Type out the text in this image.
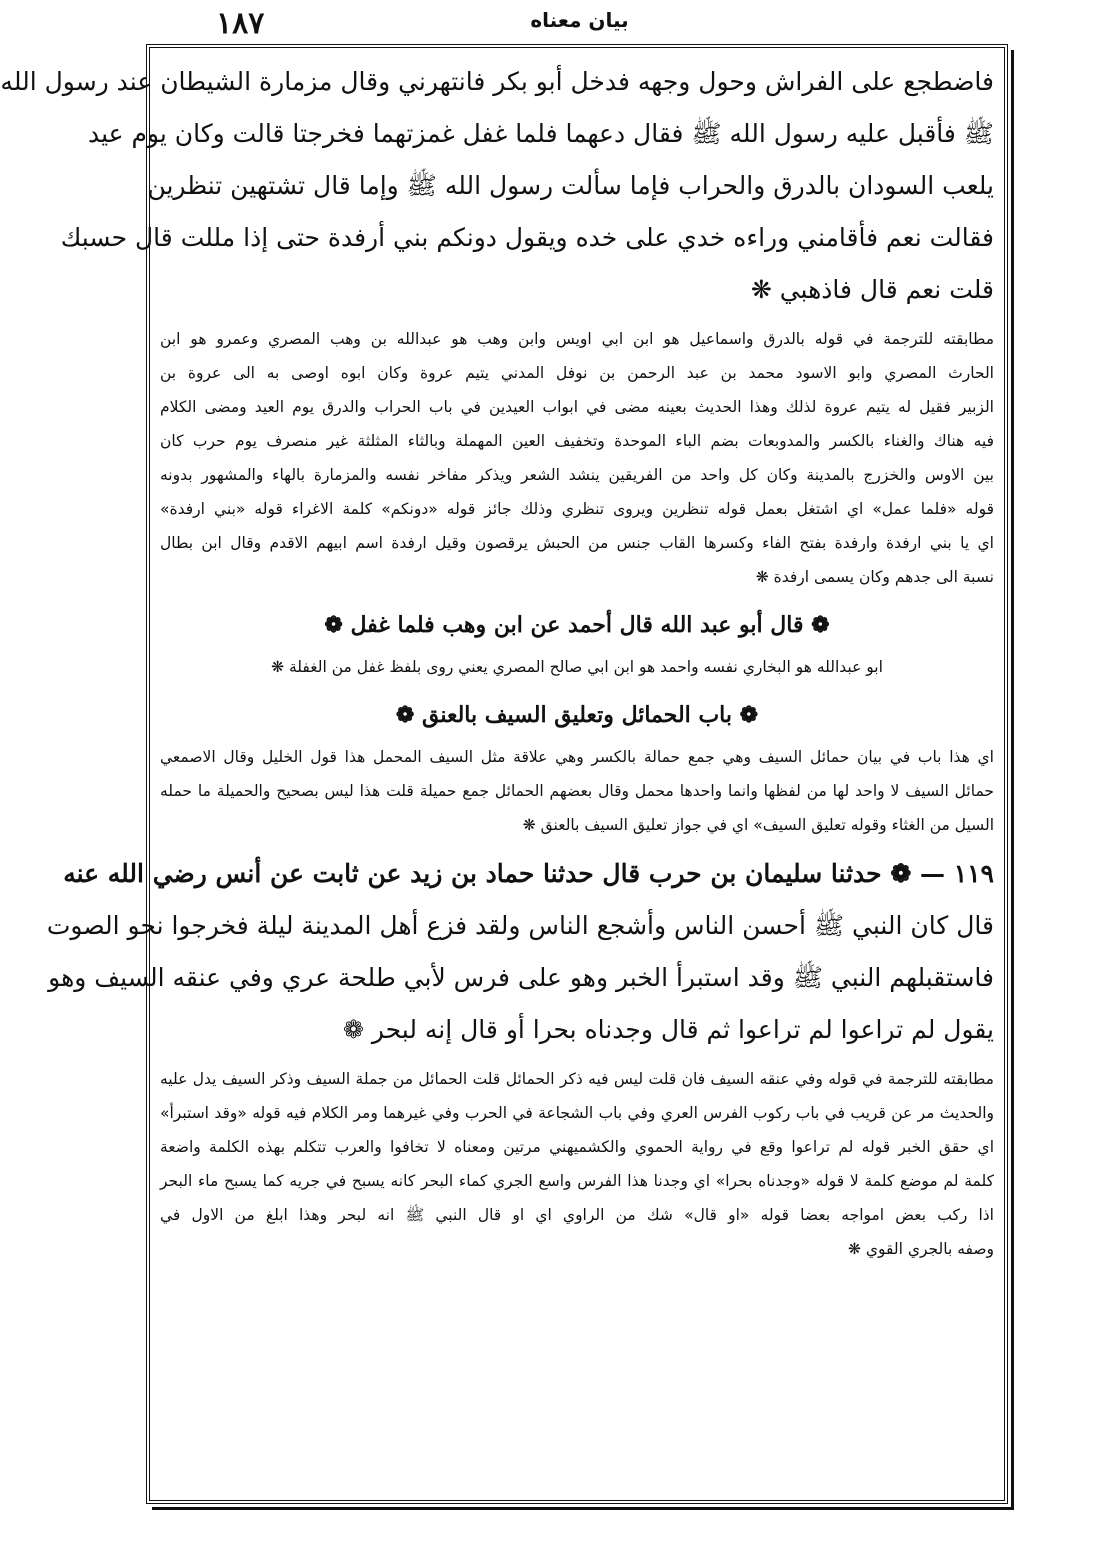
١٨٧	بيان معناه
فاضطجع على الفراش وحول وجهه فدخل أبو بكر فانتهرني وقال مزمارة الشيطان عند رسول الله
ﷺ فأقبل عليه رسول الله ﷺ فقال دعهما فلما غفل غمزتهما فخرجتا قالت وكان يوم عيد
يلعب السودان بالدرق والحراب فإما سألت رسول الله ﷺ وإما قال تشتهين تنظرين
فقالت نعم فأقامني وراءه خدي على خده ويقول دونكم بني أرفدة حتى إذا مللت قال حسبك
قلت نعم قال فاذهبي ❋
مطابقته للترجمة في قوله بالدرق واسماعيل هو ابن ابي اويس وابن وهب هو عبدالله بن وهب المصري وعمرو هو ابن
الحارث المصري وابو الاسود محمد بن عبد الرحمن بن نوفل المدني يتيم عروة وكان ابوه اوصى به الى عروة بن
الزبير فقيل له يتيم عروة لذلك وهذا الحديث بعينه مضى في ابواب العيدين في باب الحراب والدرق يوم العيد ومضى الكلام
فيه هناك والغناء بالكسر والمدوبعات بضم الباء الموحدة وتخفيف العين المهملة وبالثاء المثلثة غير منصرف يوم حرب كان
بين الاوس والخزرج بالمدينة وكان كل واحد من الفريقين ينشد الشعر ويذكر مفاخر نفسه والمزمارة بالهاء والمشهور بدونه
قوله «فلما عمل» اي اشتغل بعمل قوله تنظرين ويروى تنظري وذلك جائز قوله «دونكم» كلمة الاغراء قوله «بني ارفدة»
اي يا بني ارفدة وارفدة بفتح الفاء وكسرها القاب جنس من الحبش يرقصون وقيل ارفدة اسم ابيهم الاقدم وقال ابن بطال
نسبة الى جدهم وكان يسمى ارفدة ❋
❁ قال أبو عبد الله قال أحمد عن ابن وهب فلما غفل ❁
ابو عبدالله هو البخاري نفسه واحمد هو ابن ابي صالح المصري يعني روى بلفظ غفل من الغفلة ❋
❁ باب الحمائل وتعليق السيف بالعنق ❁
اي هذا باب في بيان حمائل السيف وهي جمع حمالة بالكسر وهي علاقة مثل السيف المحمل هذا قول الخليل وقال الاصمعي
حمائل السيف لا واحد لها من لفظها وانما واحدها محمل وقال بعضهم الحمائل جمع حميلة قلت هذا ليس بصحيح والحميلة ما حمله
السيل من الغثاء وقوله تعليق السيف» اي في جواز تعليق السيف بالعنق ❋
١١٩ — ❁ حدثنا سليمان بن حرب قال حدثنا حماد بن زيد عن ثابت عن أنس رضي الله عنه
قال كان النبي ﷺ أحسن الناس وأشجع الناس ولقد فزع أهل المدينة ليلة فخرجوا نحو الصوت
فاستقبلهم النبي ﷺ وقد استبرأ الخبر وهو على فرس لأبي طلحة عري وفي عنقه السيف وهو
يقول لم تراعوا لم تراعوا ثم قال وجدناه بحرا أو قال إنه لبحر ❁
مطابقته للترجمة في قوله وفي عنقه السيف فان قلت ليس فيه ذكر الحمائل قلت الحمائل من جملة السيف وذكر السيف يدل عليه
والحديث مر عن قريب في باب ركوب الفرس العري وفي باب الشجاعة في الحرب وفي غيرهما ومر الكلام فيه قوله «وقد استبرأ»
اي حقق الخبر قوله لم تراعوا وقع في رواية الحموي والكشميهني مرتين ومعناه لا تخافوا والعرب تتكلم بهذه الكلمة واضعة
كلمة لم موضع كلمة لا قوله «وجدناه بحرا» اي وجدنا هذا الفرس واسع الجري كماء البحر كانه يسبح في جريه كما يسبح ماء البحر
اذا ركب بعض امواجه بعضا قوله «او قال» شك من الراوي اي او قال النبي ﷺ انه لبحر وهذا ابلغ من الاول في
وصفه بالجري القوي ❋
